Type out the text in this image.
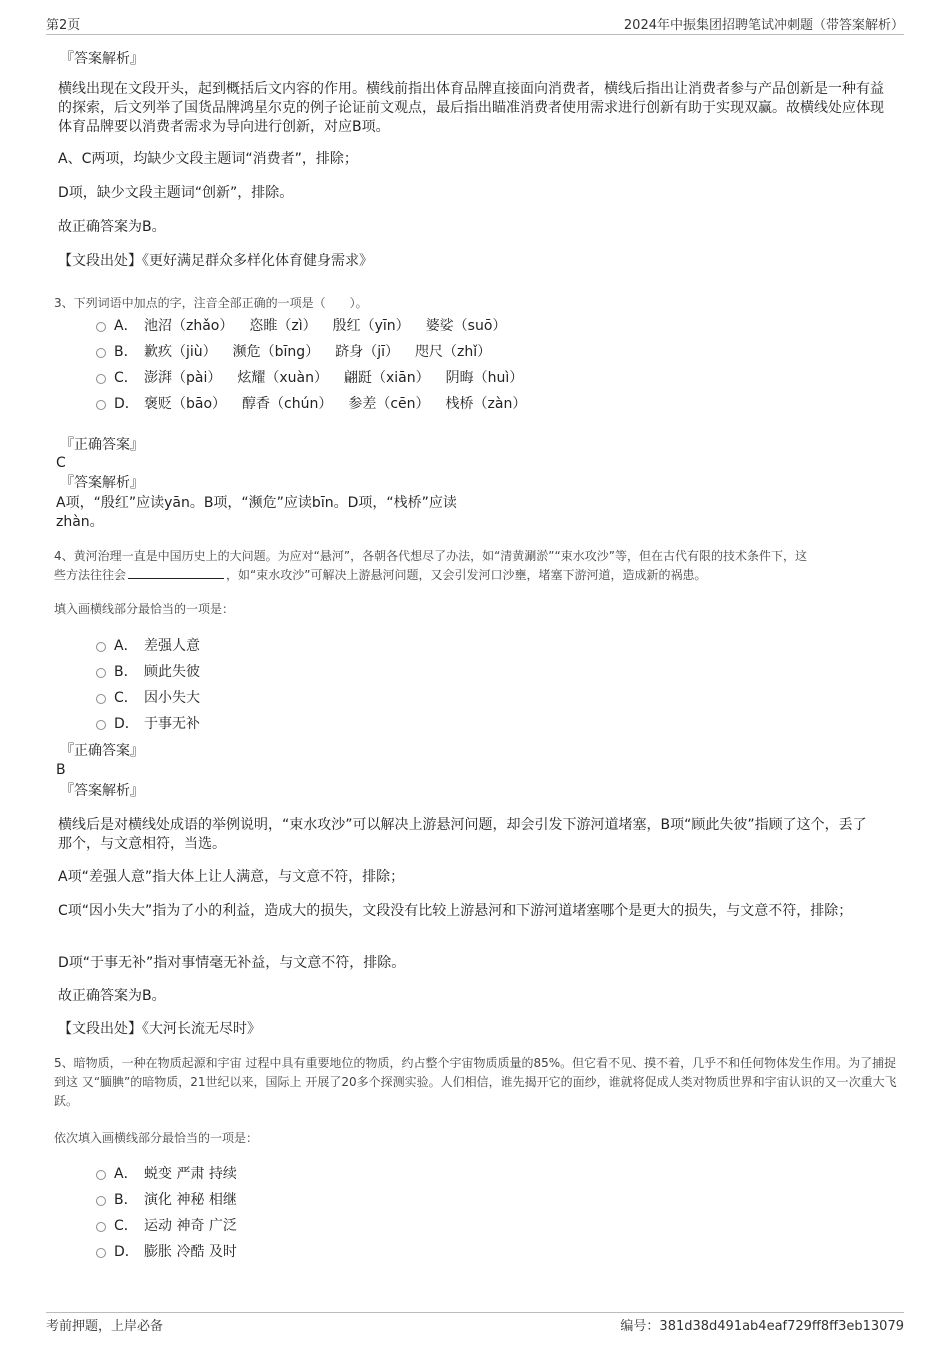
第2页	2024年中振集团招聘笔试冲刺题（带答案解析）

『答案解析』

横线出现在文段开头，起到概括后文内容的作用。横线前指出体育品牌直接面向消费者，横线后指出让消费者参与产品创新是一种有益的探索，后文列举了国货品牌鸿星尔克的例子论证前文观点，最后指出瞄准消费者使用需求进行创新有助于实现双赢。故横线处应体现体育品牌要以消费者需求为导向进行创新，对应B项。

A、C两项，均缺少文段主题词“消费者”，排除；

D项，缺少文段主题词“创新”，排除。

故正确答案为B。

【文段出处】《更好满足群众多样化体育健身需求》

3、下列词语中加点的字，注音全部正确的一项是（　　）。

A． 池沼（zhǎo） 恣睢（zì） 殷红（yīn） 婆娑（suō）
B． 歉疚（jiù） 濒危（bīng） 跻身（jī） 咫尺（zhǐ）
C． 澎湃（pài） 炫耀（xuàn） 翩跹（xiān） 阴晦（huì）
D． 褒贬（bāo） 醇香（chún） 参差（cēn） 栈桥（zàn）

『正确答案』

C

『答案解析』

A项，“殷红”应读yān。B项，“濒危”应读bīn。D项，“栈桥”应读

zhàn。

4、黄河治理一直是中国历史上的大问题。为应对“悬河”，各朝各代想尽了办法，如“清黄涮淤”“束水攻沙”等，但在古代有限的技术条件下，这
些方法往往会	，如“束水攻沙”可解决上游悬河问题，又会引发河口沙壅，堵塞下游河道，造成新的祸患。

填入画横线部分最恰当的一项是：

A． 差强人意
B． 顾此失彼
C． 因小失大
D． 于事无补

『正确答案』

B

『答案解析』

横线后是对横线处成语的举例说明，“束水攻沙”可以解决上游悬河问题，却会引发下游河道堵塞，B项“顾此失彼”指顾了这个，丢了那个，与文意相符，当选。

A项“差强人意”指大体上让人满意，与文意不符，排除；

C项“因小失大”指为了小的利益，造成大的损失，文段没有比较上游悬河和下游河道堵塞哪个是更大的损失，与文意不符，排除；

D项“于事无补”指对事情毫无补益，与文意不符，排除。

故正确答案为B。

【文段出处】《大河长流无尽时》

5、暗物质，一种在物质起源和宇宙 过程中具有重要地位的物质，约占整个宇宙物质质量的85%。但它看不见、摸不着，几乎不和任何物体发生作用。为了捕捉到这 又“腼腆”的暗物质，21世纪以来，国际上 开展了20多个探测实验。人们相信，谁先揭开它的面纱，谁就将促成人类对物质世界和宇宙认识的又一次重大飞跃。

依次填入画横线部分最恰当的一项是：

A． 蜕变 严肃 持续
B． 演化 神秘 相继
C． 运动 神奇 广泛
D． 膨胀 冷酷 及时
考前押题，上岸必备	编号：381d38d491ab4eaf729ff8ff3eb13079
